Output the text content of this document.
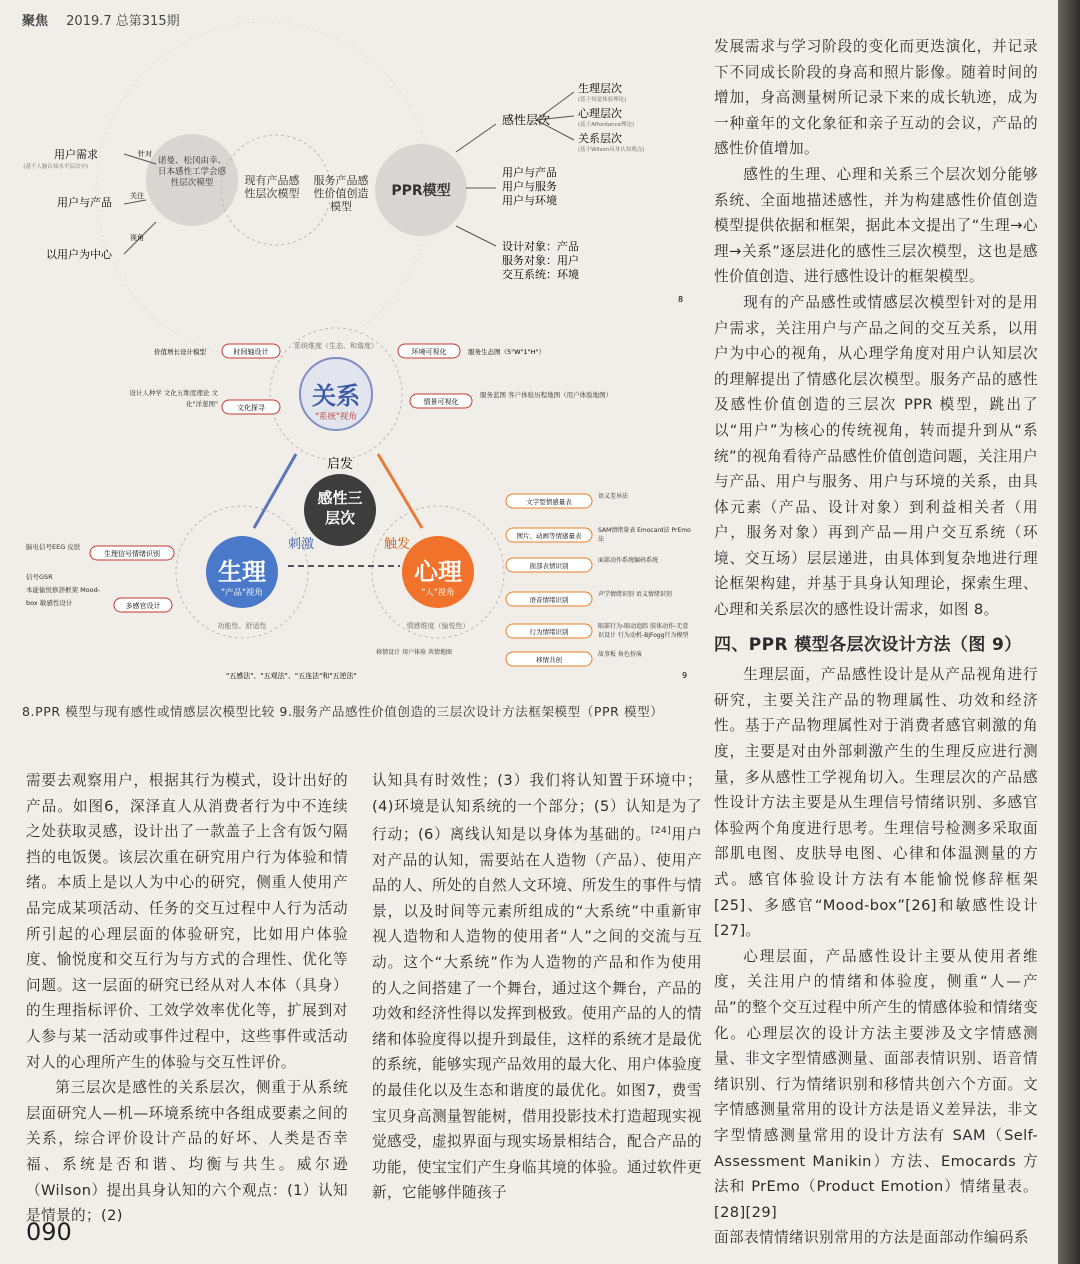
聚焦 2019.7 总第315期
用户需求
(基于人脑认知水平层次中)
用户与产品
以用户为中心
针对
关注
视角
诺曼、松冈由幸、日本感性工学会感性层次模型	现有产品感性层次模型
服务产品感性价值创造模型
PPR模型
感性层次
生理层次
(基于知觉体验理论)
心理层次
(基于Affordance理论)
关系层次
(基于Wilson具身认知观点)
用户与产品
用户与服务
用户与环境
设计对象：产品
服务对象：用户
交互系统：环境
8
关系
"系统"视角
生理
"产品"视角
心理
"人"视角
系统维度（生态、和谐度）
功能性、舒适性	情感维度（愉悦性）
感性三层次
启发
刺激	触发
时间轴设计
价值增长设计模型
文化探寻
设计人种学 文化五维度理论 文化"洋葱图"
环境可视化	服务生态图（5"W"1"H"）
情景可视化
服务蓝图 客户体验历程地图（用户体验地图）
生理信号情绪识别
脑电信号EEG 皮肤信号GSR
多感官设计
本能愉悦修辞框架 Mood-box 敏感性设计
文字型情感量表
语义差异法
图片、动画等情感量表
SAM情绪量表 Emocard法 PrEmo法
面部表情识别
面部动作系统编码系统
语音情绪识别
声学情绪识别 语义情绪识别
行为情绪识别
眼部行为-眼动追踪 肢体动作-无意识设计 行为动机-BJFogg行为模型
移情共创
故事板 角色扮演
移情设计 用户体验 共情地图
"五感法"、"五观法"、"五连法"和"五逆法"	9
8.PPR 模型与现有感性或情感层次模型比较 9.服务产品感性价值创造的三层次设计方法框架模型（PPR 模型）

需要去观察用户，根据其行为模式，设计出好的产品。如图6，深泽直人从消费者行为中不连续之处获取灵感，设计出了一款盖子上含有饭勺隔挡的电饭煲。该层次重在研究用户行为体验和情绪。本质上是以人为中心的研究，侧重人使用产品完成某项活动、任务的交互过程中人行为活动所引起的心理层面的体验研究，比如用户体验度、愉悦度和交互行为与方式的合理性、优化等问题。这一层面的研究已经从对人本体（具身）的生理指标评价、工效学效率优化等，扩展到对人参与某一活动或事件过程中，这些事件或活动对人的心理所产生的体验与交互性评价。

第三层次是感性的关系层次，侧重于从系统层面研究人—机—环境系统中各组成要素之间的关系，综合评价设计产品的好坏、人类是否幸福、系统是否和谐、均衡与共生。威尔逊（Wilson）提出具身认知的六个观点：(1）认知是情景的；(2)

认知具有时效性；(3）我们将认知置于环境中；(4)环境是认知系统的一个部分；(5）认知是为了行动；(6）离线认知是以身体为基础的。[24]用户对产品的认知，需要站在人造物（产品）、使用产品的人、所处的自然人文环境、所发生的事件与情景，以及时间等元素所组成的“大系统”中重新审视人造物和人造物的使用者“人”之间的交流与互动。这个“大系统”作为人造物的产品和作为使用的人之间搭建了一个舞台，通过这个舞台，产品的功效和经济性得以发挥到极致。使用产品的人的情绪和体验度得以提升到最佳，这样的系统才是最优的系统，能够实现产品效用的最大化、用户体验度的最佳化以及生态和谐度的最优化。如图7，费雪宝贝身高测量智能树，借用投影技术打造超现实视觉感受，虚拟界面与现实场景相结合，配合产品的功能，使宝宝们产生身临其境的体验。通过软件更新，它能够伴随孩子

发展需求与学习阶段的变化而更迭演化，并记录下不同成长阶段的身高和照片影像。随着时间的增加，身高测量树所记录下来的成长轨迹，成为一种童年的文化象征和亲子互动的会议，产品的感性价值增加。

感性的生理、心理和关系三个层次划分能够系统、全面地描述感性，并为构建感性价值创造模型提供依据和框架，据此本文提出了“生理→心理→关系”逐层进化的感性三层次模型，这也是感性价值创造、进行感性设计的框架模型。

现有的产品感性或情感层次模型针对的是用户需求，关注用户与产品之间的交互关系，以用户为中心的视角，从心理学角度对用户认知层次的理解提出了情感化层次模型。服务产品的感性及感性价值创造的三层次 PPR 模型，跳出了以“用户”为核心的传统视角，转而提升到从“系统”的视角看待产品感性价值创造问题，关注用户与产品、用户与服务、用户与环境的关系，由具体元素（产品、设计对象）到利益相关者（用户，服务对象）再到产品—用户交互系统（环境、交互场）层层递进，由具体到复杂地进行理论框架构建，并基于具身认知理论，探索生理、心理和关系层次的感性设计需求，如图 8。

四、PPR 模型各层次设计方法（图 9）

生理层面，产品感性设计是从产品视角进行研究，主要关注产品的物理属性、功效和经济性。基于产品物理属性对于消费者感官刺激的角度，主要是对由外部刺激产生的生理反应进行测量，多从感性工学视角切入。生理层次的产品感性设计方法主要是从生理信号情绪识别、多感官体验两个角度进行思考。生理信号检测多采取面部肌电图、皮肤导电图、心律和体温测量的方式。感官体验设计方法有本能愉悦修辞框架[25]、多感官“Mood-box”[26]和敏感性设计[27]。

心理层面，产品感性设计主要从使用者维度，关注用户的情绪和体验度，侧重“人—产品”的整个交互过程中所产生的情感体验和情绪变化。心理层次的设计方法主要涉及文字情感测量、非文字型情感测量、面部表情识别、语音情绪识别、行为情绪识别和移情共创六个方面。文字情感测量常用的设计方法是语义差异法，非文字型情感测量常用的设计方法有 SAM（Self-Assessment Manikin）方法、Emocards 方法和 PrEmo（Product Emotion）情绪量表。[28][29]

面部表情情绪识别常用的方法是面部动作编码系

090
